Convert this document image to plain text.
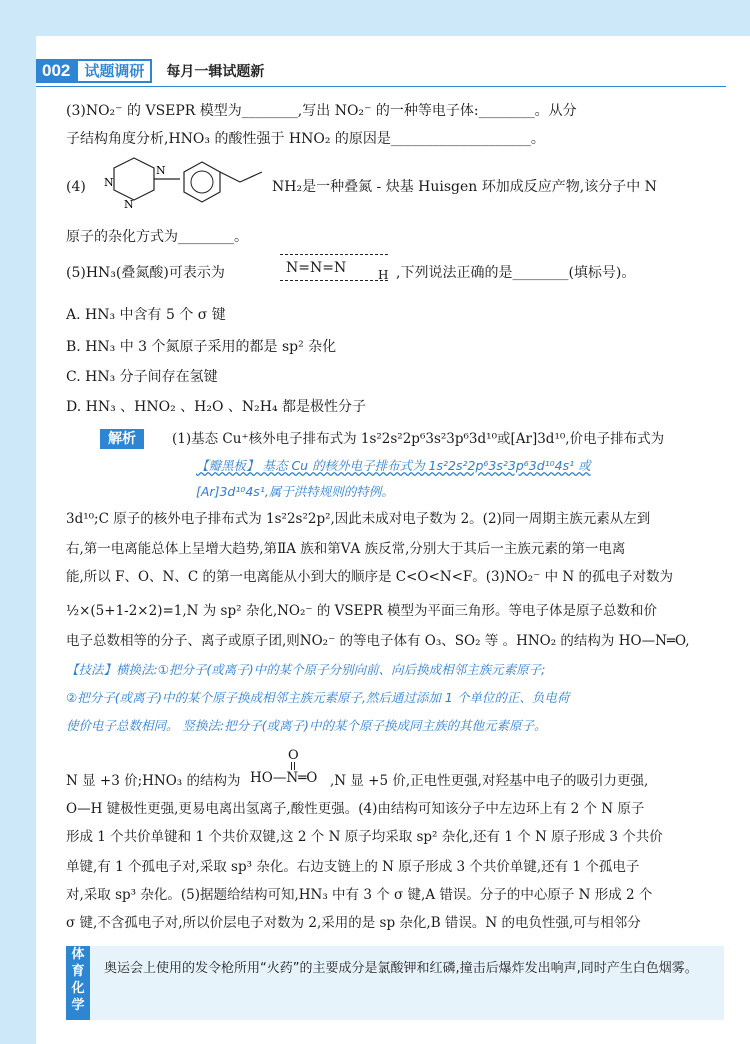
002 试题调研	每月一辑试题新
(3)NO₂⁻ 的 VSEPR 模型为________,写出 NO₂⁻ 的一种等电子体:________。从分
子结构角度分析,HNO₃ 的酸性强于 HNO₂ 的原因是____________________。
(4) N
N
N
NH₂是一种叠氮 - 炔基 Huisgen 环加成反应产物,该分子中 N
原子的杂化方式为________。
(5)HN₃(叠氮酸)可表示为	N=N=N	H ,下列说法正确的是________(填标号)。
A. HN₃ 中含有 5 个 σ 键
B. HN₃ 中 3 个氮原子采用的都是 sp² 杂化
C. HN₃ 分子间存在氢键
D. HN₃ 、HNO₂ 、H₂O 、N₂H₄ 都是极性分子
解析	(1)基态 Cu⁺核外电子排布式为 1s²2s²2p⁶3s²3p⁶3d¹⁰或[Ar]3d¹⁰,价电子排布式为
【瓣黑板】 基态 Cu 的核外电子排布式为 1s²2s²2p⁶3s²3p⁶3d¹⁰4s¹ 或
[Ar]3d¹⁰4s¹,属于洪特规则的特例。
3d¹⁰;C 原子的核外电子排布式为 1s²2s²2p²,因此未成对电子数为 2。(2)同一周期主族元素从左到
右,第一电离能总体上呈增大趋势,第ⅡA 族和第ⅤA 族反常,分别大于其后一主族元素的第一电离
能,所以 F、O、N、C 的第一电离能从小到大的顺序是 C<O<N<F。(3)NO₂⁻ 中 N 的孤电子对数为
½×(5+1-2×2)=1,N 为 sp² 杂化,NO₂⁻ 的 VSEPR 模型为平面三角形。等电子体是原子总数和价
电子总数相等的分子、离子或原子团,则NO₂⁻ 的等电子体有 O₃、SO₂ 等 。HNO₂ 的结构为 HO—N═O,
【技法】横换法:①把分子(或离子)中的某个原子分别向前、向后换成相邻主族元素原子;
②把分子(或离子)中的某个原子换成相邻主族元素原子,然后通过添加 1 个单位的正、负电荷
使价电子总数相同。 竖换法:把分子(或离子)中的某个原子换成同主族的其他元素原子。
N 显 +3 价;HNO₃ 的结构为
O
HO—N═O ,N 显 +5 价,正电性更强,对羟基中电子的吸引力更强,
O—H 键极性更强,更易电离出氢离子,酸性更强。(4)由结构可知该分子中左边环上有 2 个 N 原子
形成 1 个共价单键和 1 个共价双键,这 2 个 N 原子均采取 sp² 杂化,还有 1 个 N 原子形成 3 个共价
单键,有 1 个孤电子对,采取 sp³ 杂化。右边支链上的 N 原子形成 3 个共价单键,还有 1 个孤电子
对,采取 sp³ 杂化。(5)据题给结构可知,HN₃ 中有 3 个 σ 键,A 错误。分子的中心原子 N 形成 2 个
σ 键,不含孤电子对,所以价层电子对数为 2,采用的是 sp 杂化,B 错误。N 的电负性强,可与相邻分
体育化学
奥运会上使用的发令枪所用“火药”的主要成分是氯酸钾和红磷,撞击后爆炸发出响声,同时产生白色烟雾。
